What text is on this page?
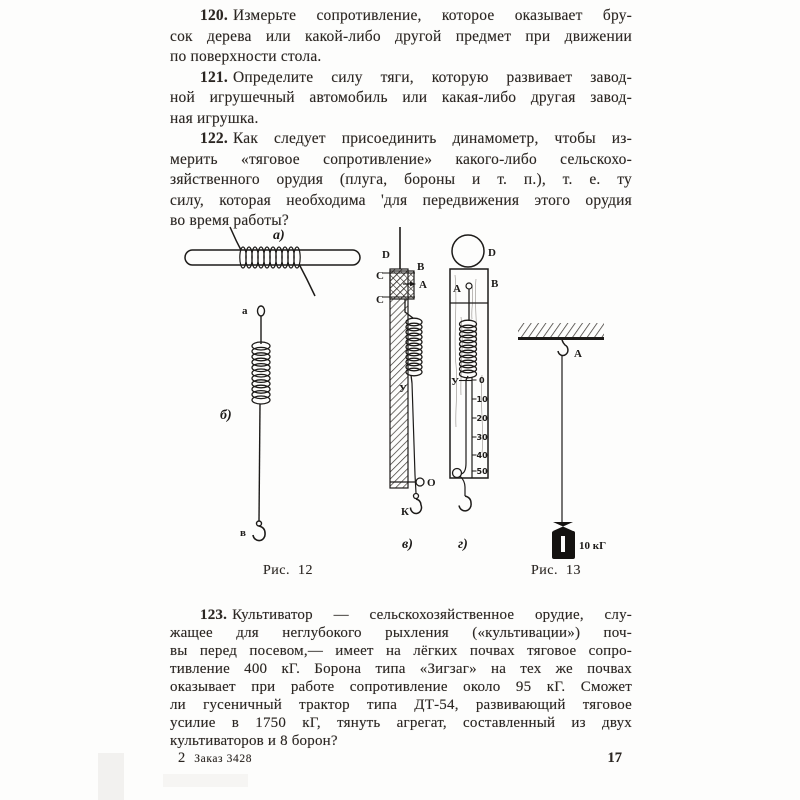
120. Измерьте сопротивление, которое оказывает бру-
сок дерева или какой-либо другой предмет при движении
по поверхности стола.
121. Определите силу тяги, которую развивает завод-
ной игрушечный автомобиль или какая-либо другая завод-
ная игрушка.
122. Как следует присоединить динамометр, чтобы из-
мерить «тяговое сопротивление» какого-либо сельскохо-
зяйственного орудия (плуга, бороны и т. п.), т. е. ту
силу, которая необходима 'для передвижения этого орудия
во время работы?
а)
а
б)
в
D
С
С
В
А
У
О
К
в)
0
10
20
30
40
50
D
А	В
У
г)
А
10 кГ
Рис.  12	Рис.  13
123. Культиватор — сельскохозяйственное орудие, слу-
жащее для неглубокого рыхления («культивации») поч-
вы перед посевом,— имеет на лёгких почвах тяговое сопро-
тивление 400 кГ. Борона типа «Зигзаг» на тех же почвах
оказывает при работе сопротивление около 95 кГ. Сможет
ли гусеничный трактор типа ДТ-54, развивающий тяговое
усилие в 1750 кГ, тянуть агрегат, составленный из двух
культиваторов и 8 борон?
2 Заказ 3428	17
